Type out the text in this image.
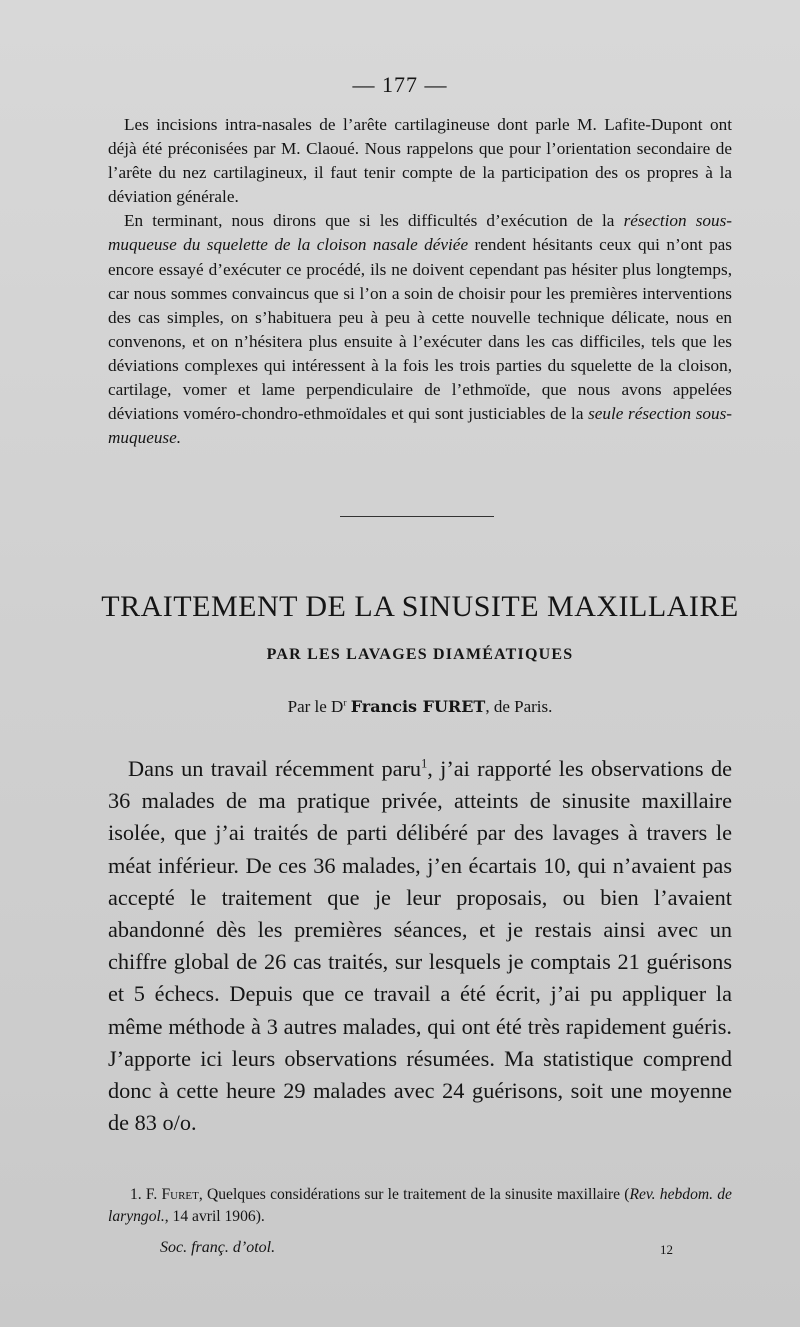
— 177 —

Les incisions intra-nasales de l’arête cartilagineuse dont parle M. Lafite-Dupont ont déjà été préconisées par M. Claoué. Nous rappelons que pour l’orientation secondaire de l’arête du nez cartilagineux, il faut tenir compte de la participation des os propres à la déviation générale.

En terminant, nous dirons que si les difficultés d’exécution de la résection sous-muqueuse du squelette de la cloison nasale déviée rendent hésitants ceux qui n’ont pas encore essayé d’exécuter ce procédé, ils ne doivent cependant pas hésiter plus longtemps, car nous sommes convaincus que si l’on a soin de choisir pour les premières interventions des cas simples, on s’habituera peu à peu à cette nouvelle technique délicate, nous en convenons, et on n’hésitera plus ensuite à l’exécuter dans les cas difficiles, tels que les déviations complexes qui intéressent à la fois les trois parties du squelette de la cloison, cartilage, vomer et lame perpendiculaire de l’ethmoïde, que nous avons appelées déviations voméro-chondro-ethmoïdales et qui sont justiciables de la seule résection sous-muqueuse.

TRAITEMENT DE LA SINUSITE MAXILLAIRE
PAR LES LAVAGES DIAMÉATIQUES
Par le $D^r$ Francis FURET, de Paris.

Dans un travail récemment paru$^1$, j’ai rapporté les observations de 36 malades de ma pratique privée, atteints de sinusite maxillaire isolée, que j’ai traités de parti délibéré par des lavages à travers le méat inférieur. De ces 36 malades, j’en écartais 10, qui n’avaient pas accepté le traitement que je leur proposais, ou bien l’avaient abandonné dès les premières séances, et je restais ainsi avec un chiffre global de 26 cas traités, sur lesquels je comptais 21 guérisons et 5 échecs. Depuis que ce travail a été écrit, j’ai pu appliquer la même méthode à 3 autres malades, qui ont été très rapidement guéris. J’apporte ici leurs observations résumées. Ma statistique comprend donc à cette heure 29 malades avec 24 guérisons, soit une moyenne de 83 o/o.

1. F. Furet, Quelques considérations sur le traitement de la sinusite maxillaire (Rev. hebdom. de laryngol., 14 avril 1906).

Soc. franç. d’otol.	12
